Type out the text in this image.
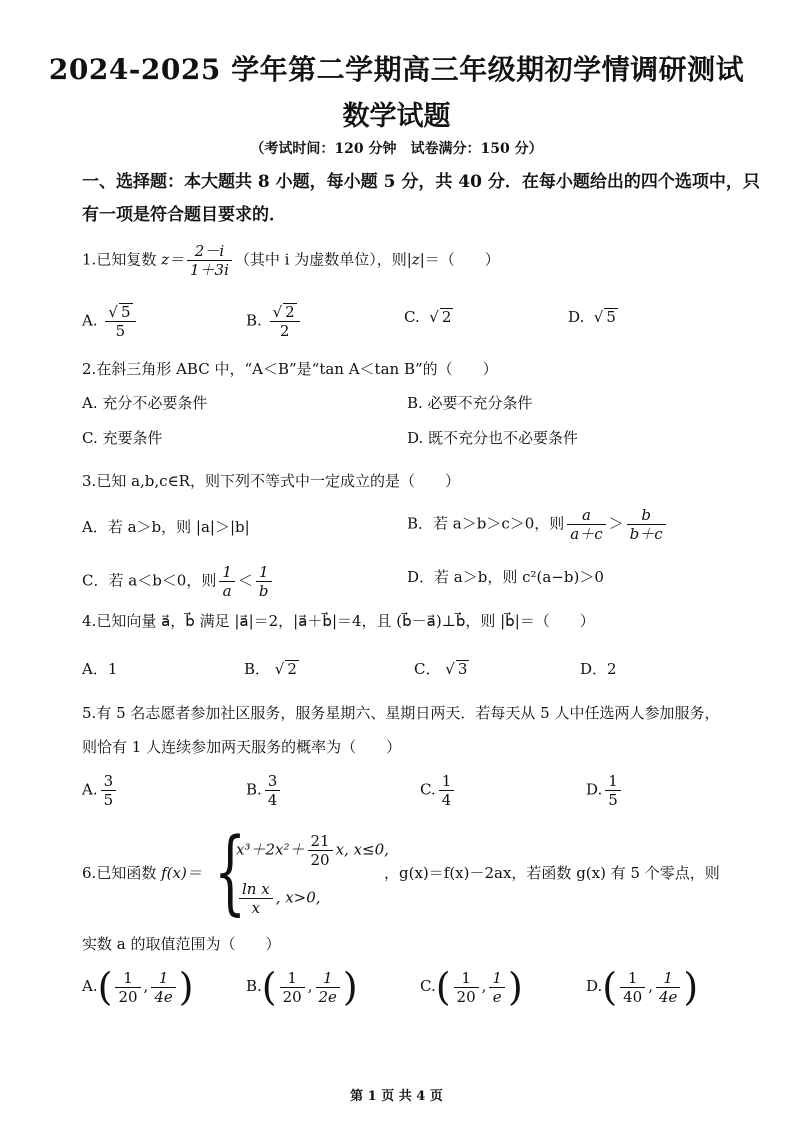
2024-2025 学年第二学期高三年级期初学情调研测试
数学试题
（考试时间：120 分钟　试卷满分：150 分）
一、选择题：本大题共 8 小题，每小题 5 分，共 40 分．在每小题给出的四个选项中，只有一项是符合题目要求的．
1.已知复数 $z= \frac{2-i}{1+3i}$ （其中 i 为虚数单位），则|z|＝（　　）
A. $\frac{√ 5}{5}$	B. $\frac{√ 2}{2}$	C.  √ 2	D.  √ 5
2.在斜三角形 ABC 中，“A＜B”是“tan A＜tan B”的（　　）
A. 充分不必要条件	B. 必要不充分条件
C. 充要条件	D. 既不充分也不必要条件
3.已知 a,b,c∈R，则下列不等式中一定成立的是（　　）
A．若 a＞b，则 |a|＞|b|	B．若 a＞b＞c＞0，则 $\frac{a}{a+c} > \frac{b}{b+c}$
C．若 a＜b＜0，则 $\frac{1}{a} < \frac{1}{b}$	D．若 a＞b，则 c²(a−b)＞0
4.已知向量 a⃗，b⃗ 满足 |a⃗|＝2，|a⃗＋b⃗|＝4，且 (b⃗－a⃗)⊥b⃗，则 |b⃗|＝（　　）
A．1	B． √ 2	C． √ 3	D．2
5.有 5 名志愿者参加社区服务，服务星期六、星期日两天．若每天从 5 人中任选两人参加服务，
则恰有 1 人连续参加两天服务的概率为（　　）
A. $\frac{3}{5}$	B. $\frac{3}{4}$	C. $\frac{1}{4}$	D. $\frac{1}{5}$
6.已知函数 f(x)＝ {
$x^3+2x^2+ \frac{21}{20} x$, x≤0,
$\frac{\text{ln x}}{x}$ , x>0,
，g(x)＝f(x)－2ax，若函数 g(x) 有 5 个零点，则
实数 a 的取值范围为（　　）
$A.( \frac{1}{20}$ , $\frac{1}{4e}$ )	$B.( \frac{1}{20}$ , $\frac{1}{2e}$ )	$C.( \frac{1}{20}$ , $\frac{1}{e}$ )	$D.( \frac{1}{40}$ , $\frac{1}{4e}$ )
第 1 页 共 4 页
